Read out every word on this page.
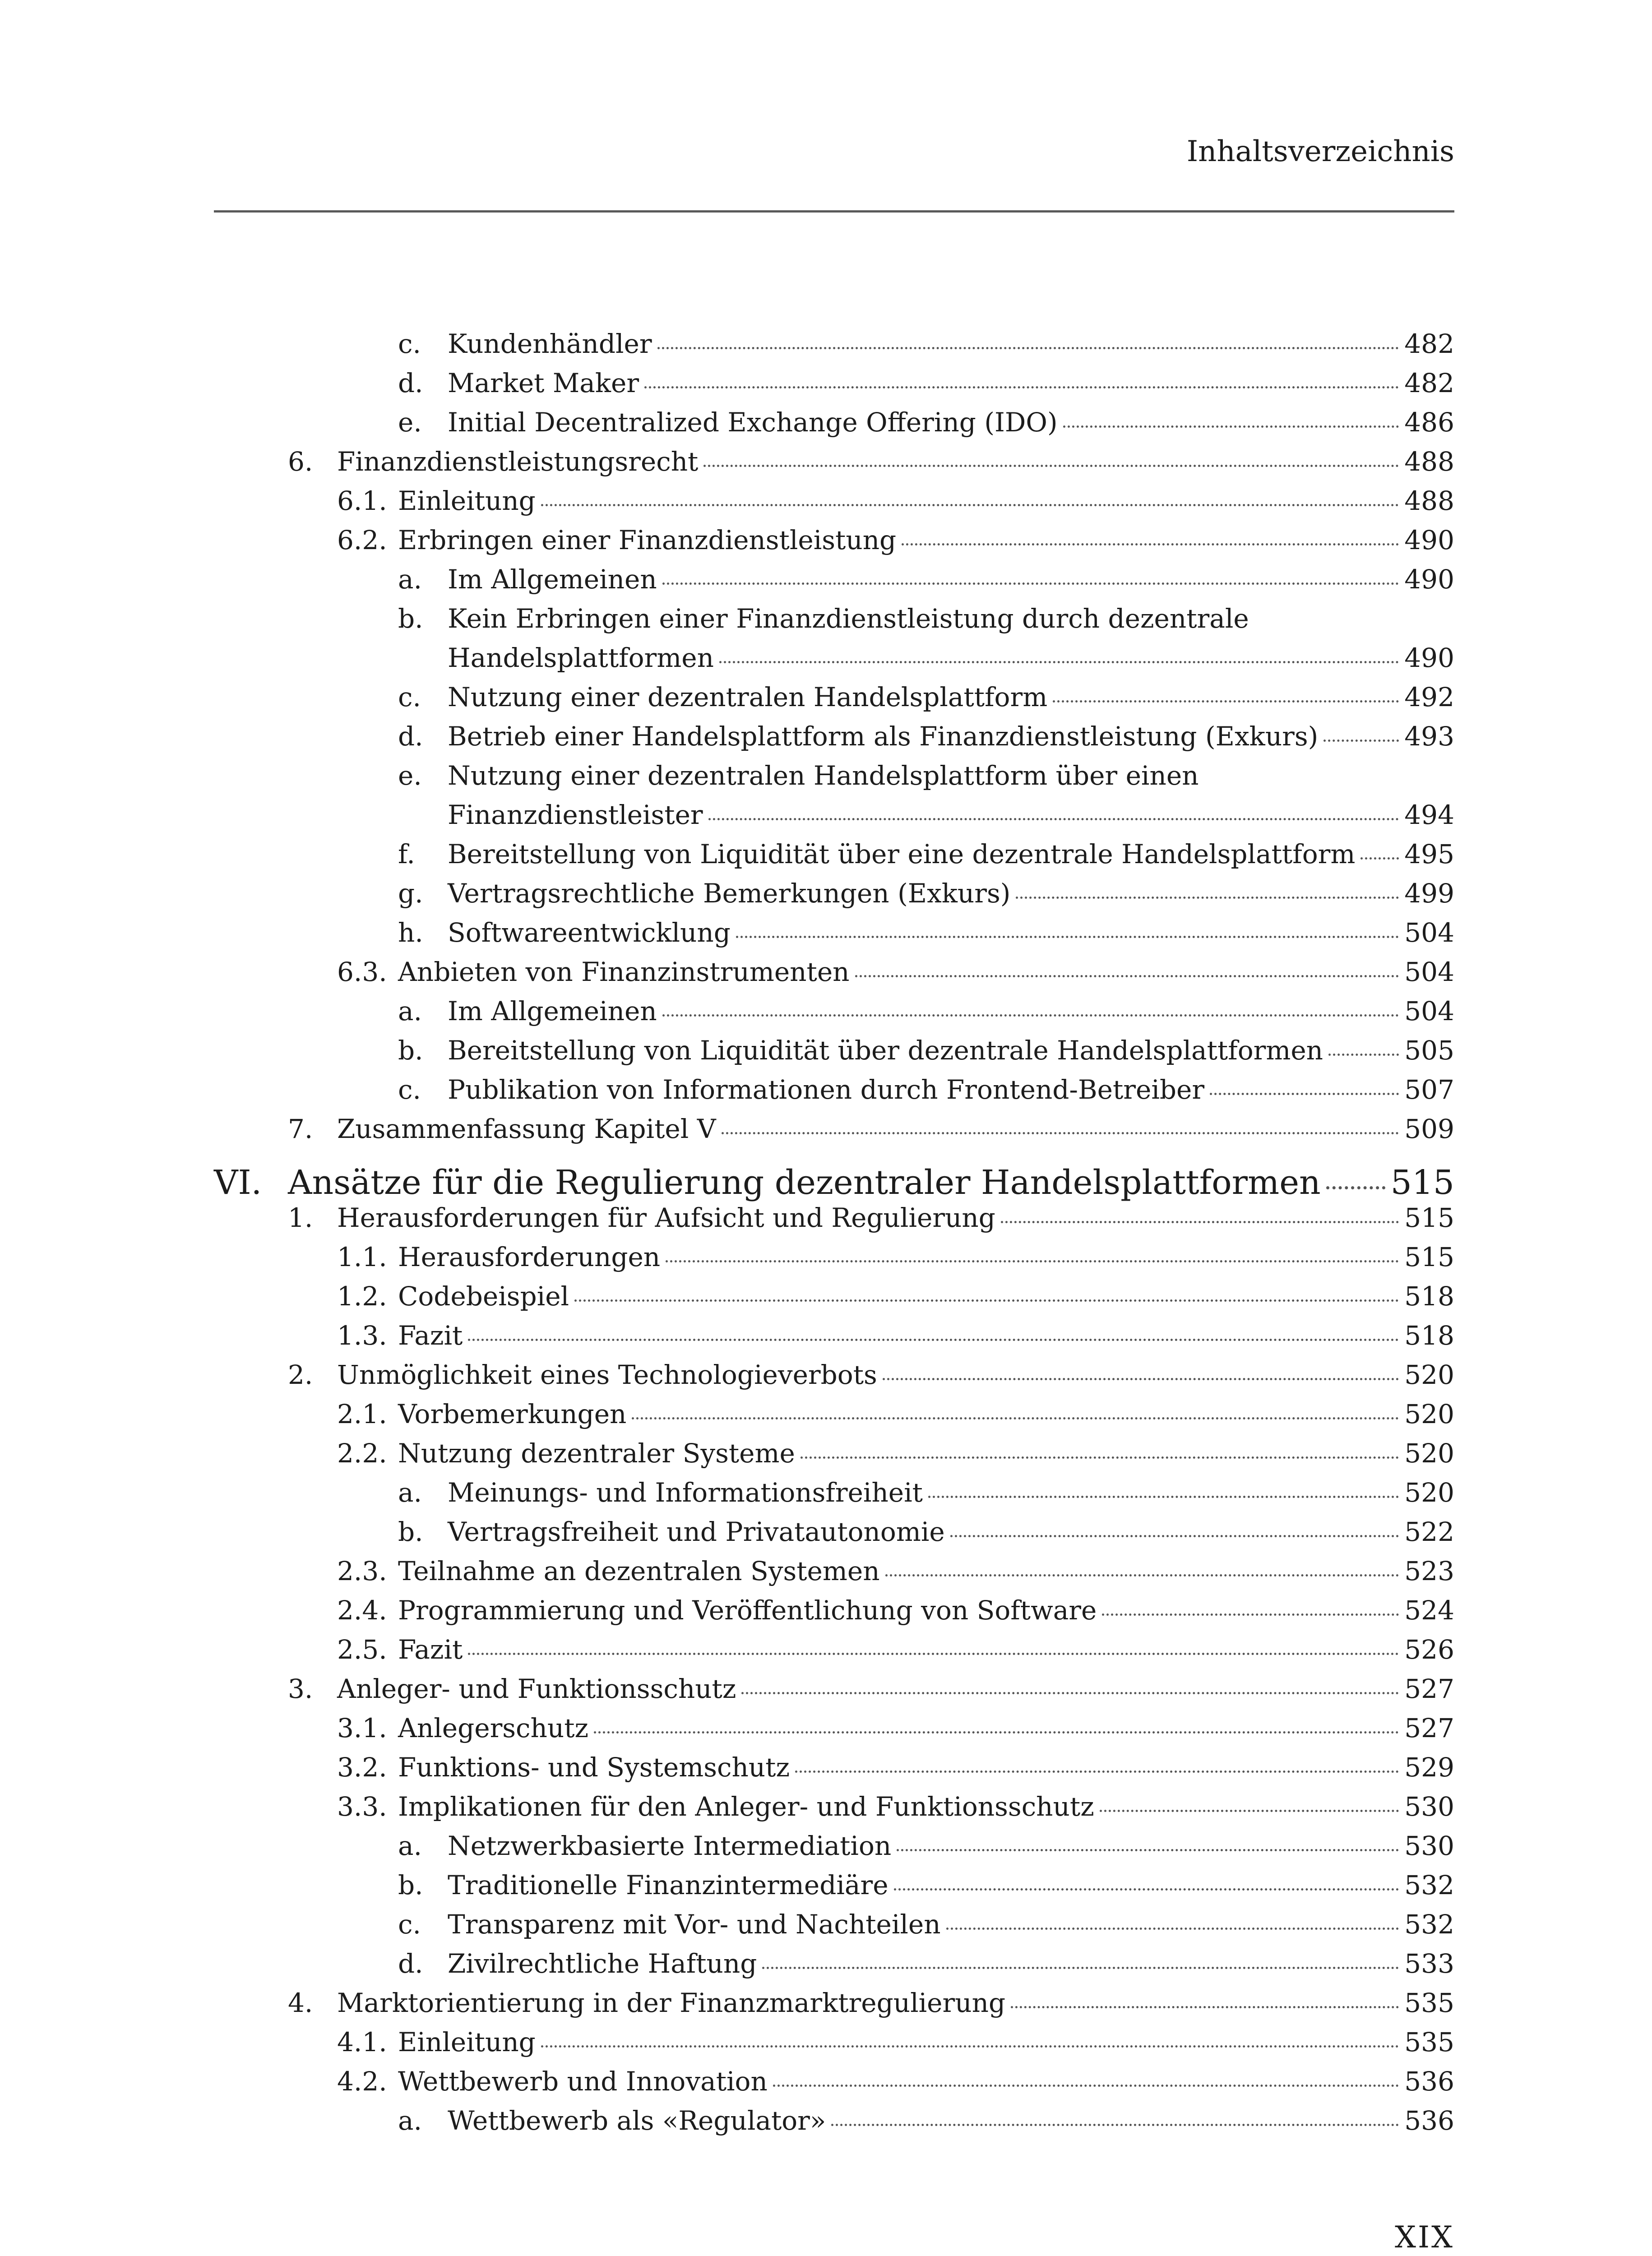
Inhaltsverzeichnis
c.	Kundenhändler	482
d. Market Maker	482
e. Initial Decentralized Exchange Offering (IDO)	486
6. Finanzdienstleistungsrecht	488
6.1. Einleitung	488
6.2. Erbringen einer Finanzdienstleistung	490
a. Im Allgemeinen	490
b. Kein Erbringen einer Finanzdienstleistung durch dezentrale
Handelsplattformen	490
c.	Nutzung einer dezentralen Handelsplattform	492
d. Betrieb einer Handelsplattform als Finanzdienstleistung (Exkurs)	493
e. Nutzung einer dezentralen Handelsplattform über einen
Finanzdienstleister	494
f.	Bereitstellung von Liquidität über eine dezentrale Handelsplattform 495
g. Vertragsrechtliche Bemerkungen (Exkurs)	499
h. Softwareentwicklung	504
6.3. Anbieten von Finanzinstrumenten	504
a. Im Allgemeinen	504
b. Bereitstellung von Liquidität über dezentrale Handelsplattformen	505
c.	Publikation von Informationen durch Frontend-Betreiber	507
7. Zusammenfassung Kapitel V	509
VI. Ansätze für die Regulierung dezentraler Handelsplattformen 515
1. Herausforderungen für Aufsicht und Regulierung	515
1.1. Herausforderungen	515
1.2. Codebeispiel	518
1.3. Fazit	518
2. Unmöglichkeit eines Technologieverbots	520
2.1. Vorbemerkungen	520
2.2. Nutzung dezentraler Systeme	520
a. Meinungs- und Informationsfreiheit	520
b. Vertragsfreiheit und Privatautonomie	522
2.3. Teilnahme an dezentralen Systemen	523
2.4. Programmierung und Veröffentlichung von Software	524
2.5. Fazit	526
3. Anleger- und Funktionsschutz	527
3.1. Anlegerschutz	527
3.2. Funktions- und Systemschutz	529
3.3. Implikationen für den Anleger- und Funktionsschutz	530
a. Netzwerkbasierte Intermediation	530
b. Traditionelle Finanzintermediäre	532
c.	Transparenz mit Vor- und Nachteilen	532
d. Zivilrechtliche Haftung	533
4. Marktorientierung in der Finanzmarktregulierung	535
4.1. Einleitung	535
4.2. Wettbewerb und Innovation	536
a. Wettbewerb als «Regulator»	536
XIX
